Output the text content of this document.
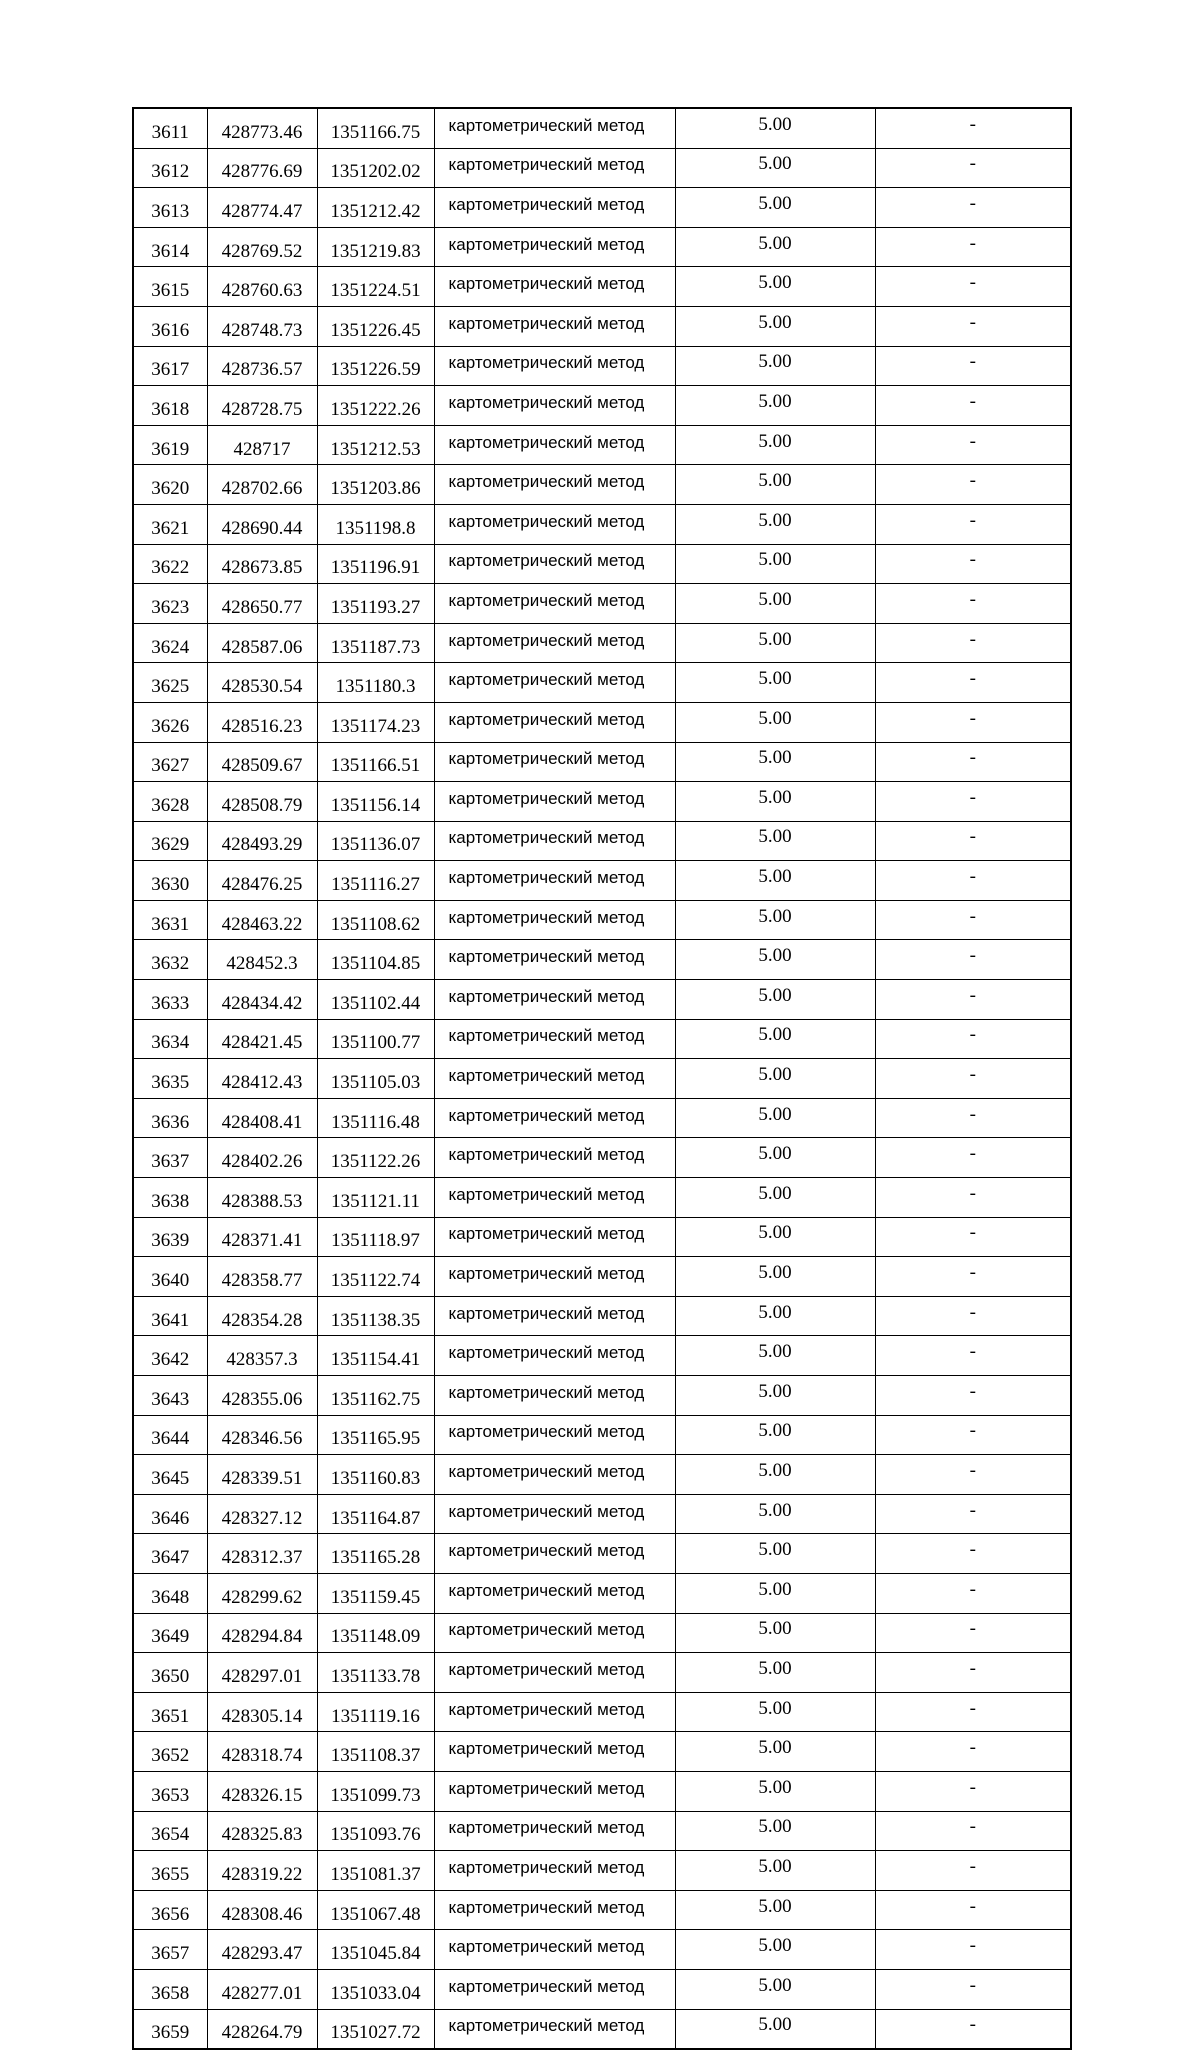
3611	428773.46	1351166.75	картометрический метод	5.00	-
3612	428776.69	1351202.02	картометрический метод	5.00	-
3613	428774.47	1351212.42	картометрический метод	5.00	-
3614	428769.52	1351219.83	картометрический метод	5.00	-
3615	428760.63	1351224.51	картометрический метод	5.00	-
3616	428748.73	1351226.45	картометрический метод	5.00	-
3617	428736.57	1351226.59	картометрический метод	5.00	-
3618	428728.75	1351222.26	картометрический метод	5.00	-
3619	428717	1351212.53	картометрический метод	5.00	-
3620	428702.66	1351203.86	картометрический метод	5.00	-
3621	428690.44	1351198.8	картометрический метод	5.00	-
3622	428673.85	1351196.91	картометрический метод	5.00	-
3623	428650.77	1351193.27	картометрический метод	5.00	-
3624	428587.06	1351187.73	картометрический метод	5.00	-
3625	428530.54	1351180.3	картометрический метод	5.00	-
3626	428516.23	1351174.23	картометрический метод	5.00	-
3627	428509.67	1351166.51	картометрический метод	5.00	-
3628	428508.79	1351156.14	картометрический метод	5.00	-
3629	428493.29	1351136.07	картометрический метод	5.00	-
3630	428476.25	1351116.27	картометрический метод	5.00	-
3631	428463.22	1351108.62	картометрический метод	5.00	-
3632	428452.3	1351104.85	картометрический метод	5.00	-
3633	428434.42	1351102.44	картометрический метод	5.00	-
3634	428421.45	1351100.77	картометрический метод	5.00	-
3635	428412.43	1351105.03	картометрический метод	5.00	-
3636	428408.41	1351116.48	картометрический метод	5.00	-
3637	428402.26	1351122.26	картометрический метод	5.00	-
3638	428388.53	1351121.11	картометрический метод	5.00	-
3639	428371.41	1351118.97	картометрический метод	5.00	-
3640	428358.77	1351122.74	картометрический метод	5.00	-
3641	428354.28	1351138.35	картометрический метод	5.00	-
3642	428357.3	1351154.41	картометрический метод	5.00	-
3643	428355.06	1351162.75	картометрический метод	5.00	-
3644	428346.56	1351165.95	картометрический метод	5.00	-
3645	428339.51	1351160.83	картометрический метод	5.00	-
3646	428327.12	1351164.87	картометрический метод	5.00	-
3647	428312.37	1351165.28	картометрический метод	5.00	-
3648	428299.62	1351159.45	картометрический метод	5.00	-
3649	428294.84	1351148.09	картометрический метод	5.00	-
3650	428297.01	1351133.78	картометрический метод	5.00	-
3651	428305.14	1351119.16	картометрический метод	5.00	-
3652	428318.74	1351108.37	картометрический метод	5.00	-
3653	428326.15	1351099.73	картометрический метод	5.00	-
3654	428325.83	1351093.76	картометрический метод	5.00	-
3655	428319.22	1351081.37	картометрический метод	5.00	-
3656	428308.46	1351067.48	картометрический метод	5.00	-
3657	428293.47	1351045.84	картометрический метод	5.00	-
3658	428277.01	1351033.04	картометрический метод	5.00	-
3659	428264.79	1351027.72	картометрический метод	5.00	-
